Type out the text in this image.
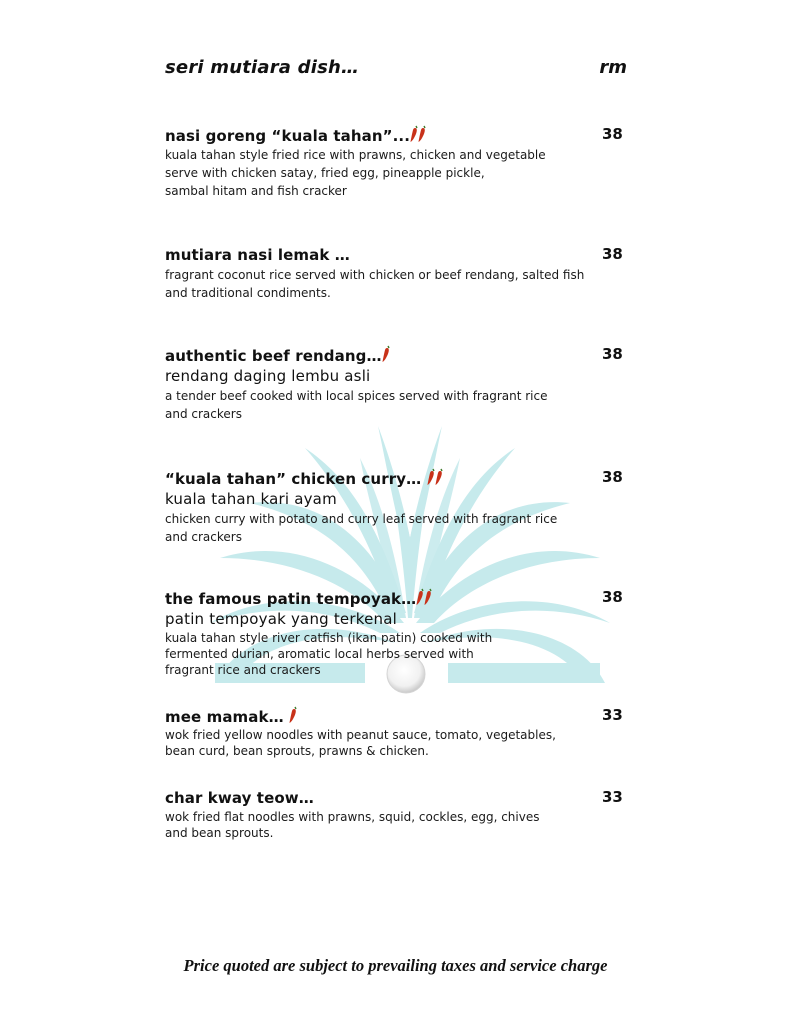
seri mutiara dish…	rm
nasi goreng “kuala tahan”...	38
kuala tahan style fried rice with prawns, chicken and vegetable
serve with chicken satay, fried egg, pineapple pickle,
sambal hitam and fish cracker
mutiara nasi lemak …	38
fragrant coconut rice served with chicken or beef rendang, salted fish
and traditional condiments.
authentic beef rendang…	38
rendang daging lembu asli
a tender beef cooked with local spices served with fragrant rice
and crackers
“kuala tahan” chicken curry…	38
kuala tahan kari ayam
chicken curry with potato and curry leaf served with fragrant rice
and crackers
the famous patin tempoyak…	38
patin tempoyak yang terkenal
kuala tahan style river catfish (ikan patin) cooked with
fermented durian, aromatic local herbs served with
fragrant rice and crackers
mee mamak…	33
wok fried yellow noodles with peanut sauce, tomato, vegetables,
bean curd, bean sprouts, prawns & chicken.
char kway teow…	33
wok fried flat noodles with prawns, squid, cockles, egg, chives
and bean sprouts.
Price quoted are subject to prevailing taxes and service charge
